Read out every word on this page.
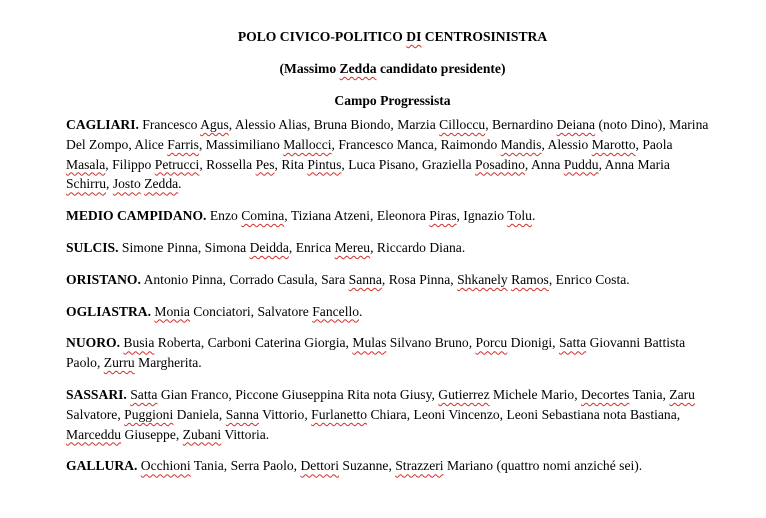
POLO CIVICO-POLITICO DI CENTROSINISTRA

(Massimo Zedda candidato presidente)

Campo Progressista

CAGLIARI. Francesco Agus, Alessio Alias, Bruna Biondo, Marzia Cilloccu, Bernardino Deiana (noto Dino), Marina Del Zompo, Alice Farris, Massimiliano Mallocci, Francesco Manca, Raimondo Mandis, Alessio Marotto, Paola Masala, Filippo Petrucci, Rossella Pes, Rita Pintus, Luca Pisano, Graziella Posadino, Anna Puddu, Anna Maria Schirru, Josto Zedda.

MEDIO CAMPIDANO. Enzo Comina, Tiziana Atzeni, Eleonora Piras, Ignazio Tolu.

SULCIS. Simone Pinna, Simona Deidda, Enrica Mereu, Riccardo Diana.

ORISTANO. Antonio Pinna, Corrado Casula, Sara Sanna, Rosa Pinna, Shkanely Ramos, Enrico Costa.

OGLIASTRA. Monia Conciatori, Salvatore Fancello.

NUORO. Busia Roberta, Carboni Caterina Giorgia, Mulas Silvano Bruno, Porcu Dionigi, Satta Giovanni Battista Paolo, Zurru Margherita.

SASSARI. Satta Gian Franco, Piccone Giuseppina Rita nota Giusy, Gutierrez Michele Mario, Decortes Tania, Zaru Salvatore, Puggioni Daniela, Sanna Vittorio, Furlanetto Chiara, Leoni Vincenzo, Leoni Sebastiana nota Bastiana, Marceddu Giuseppe, Zubani Vittoria.

GALLURA. Occhioni Tania, Serra Paolo, Dettori Suzanne, Strazzeri Mariano (quattro nomi anziché sei).
